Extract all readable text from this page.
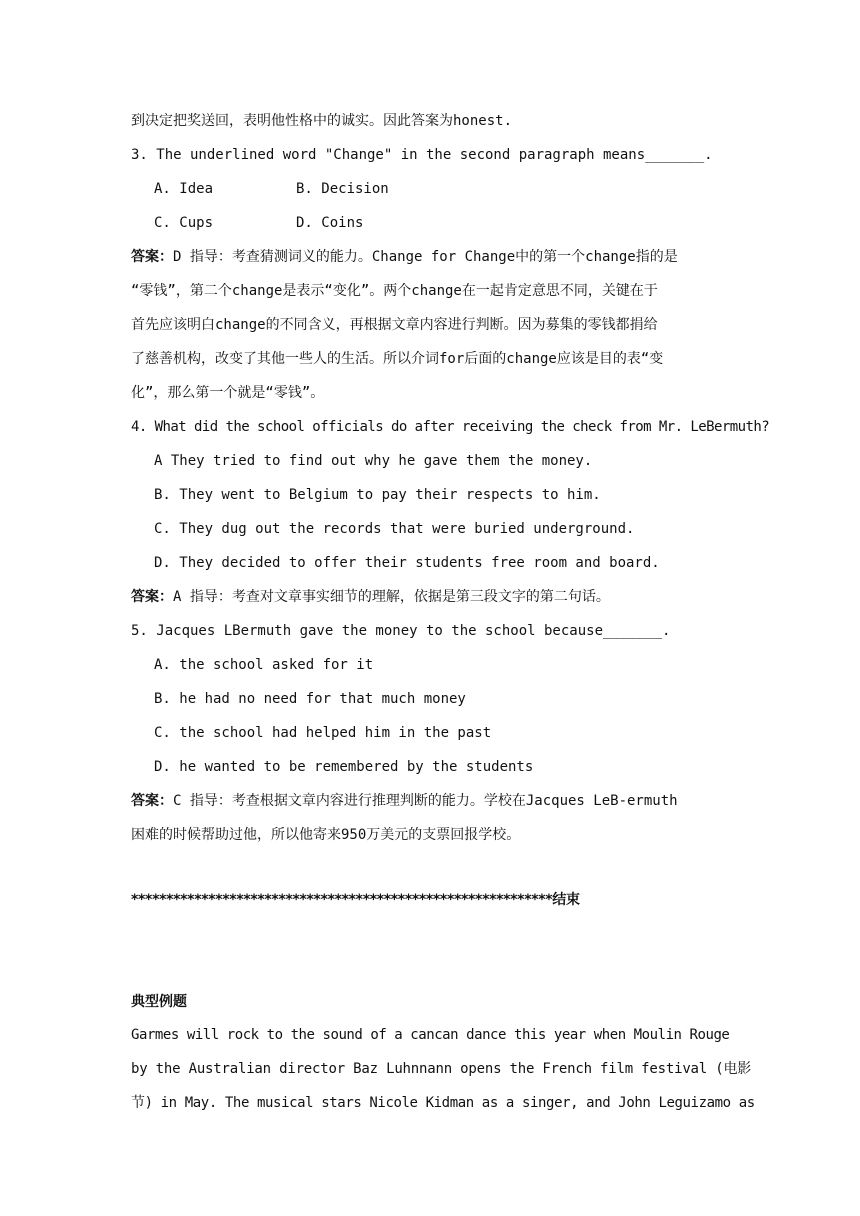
到决定把奖送回，表明他性格中的诚实。因此答案为honest.
3. The underlined word "Change" in the second paragraph means_______.
A. Idea	B. Decision
C. Cups	D. Coins
答案：D 指导：考查猜测词义的能力。Change for Change中的第一个change指的是
“零钱”，第二个change是表示“变化”。两个change在一起肯定意思不同，关键在于
首先应该明白change的不同含义，再根据文章内容进行判断。因为募集的零钱都捐给
了慈善机构，改变了其他一些人的生活。所以介词for后面的change应该是目的表“变
化”，那么第一个就是“零钱”。
4. What did the school officials do after receiving the check from Mr. LeBermuth?
A They tried to find out why he gave them the money.
B. They went to Belgium to pay their respects to him.
C. They dug out the records that were buried underground.
D. They decided to offer their students free room and board.
答案：A 指导：考查对文章事实细节的理解，依据是第三段文字的第二句话。
5. Jacques LBermuth gave the money to the school because_______.
A. the school asked for it
B. he had no need for that much money
C. the school had helped him in the past
D. he wanted to be remembered by the students
答案：C 指导：考查根据文章内容进行推理判断的能力。学校在Jacques LeB-ermuth
困难的时候帮助过他，所以他寄来950万美元的支票回报学校。
************************************************************结束
典型例题
Garmes will rock to the sound of a cancan dance this year when Moulin Rouge
by the Australian director Baz Luhnnann opens the French film festival (电影
节) in May. The musical stars Nicole Kidman as a singer, and John Leguizamo as
